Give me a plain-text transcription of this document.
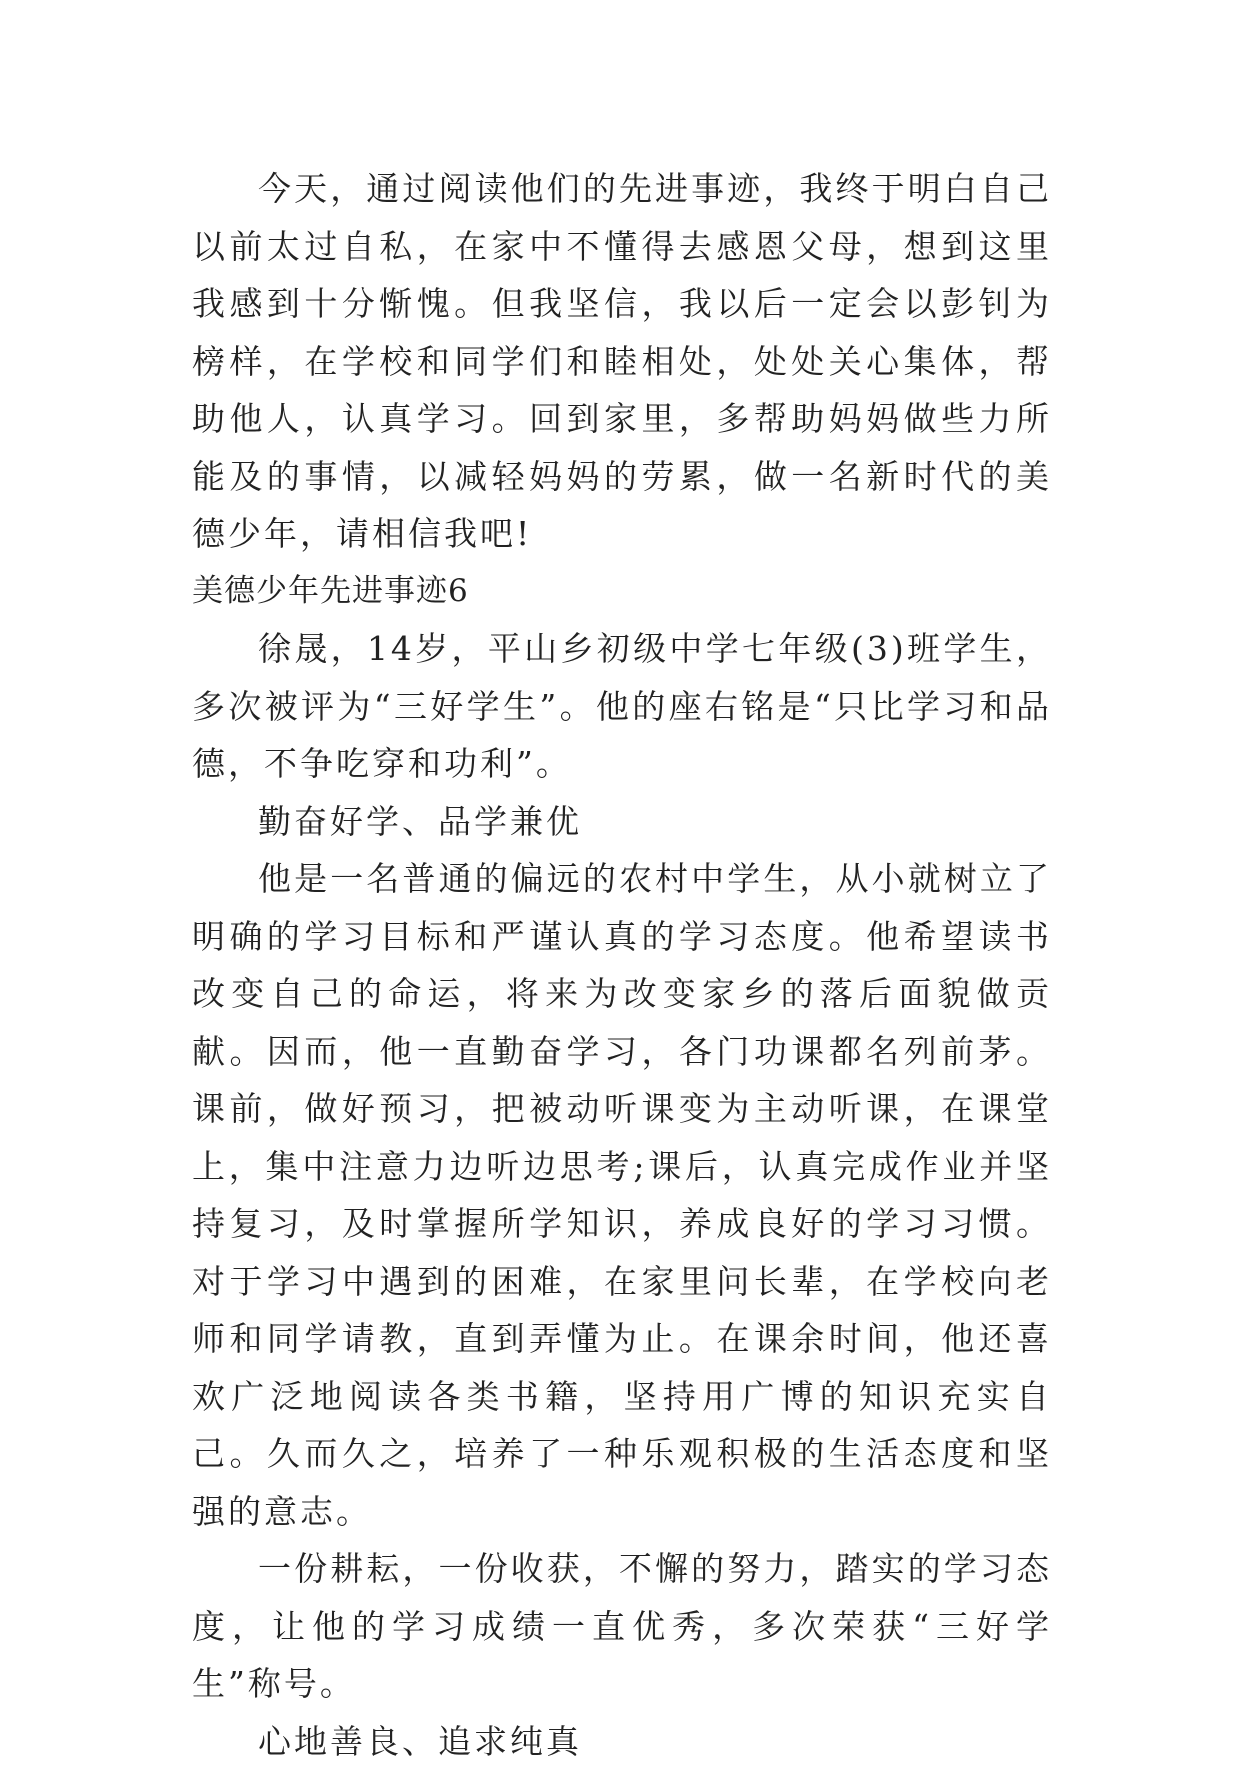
今天，通过阅读他们的先进事迹，我终于明白自己以前太过自私，在家中不懂得去感恩父母，想到这里我感到十分惭愧。但我坚信，我以后一定会以彭钊为榜样，在学校和同学们和睦相处，处处关心集体，帮助他人，认真学习。回到家里，多帮助妈妈做些力所能及的事情，以减轻妈妈的劳累，做一名新时代的美德少年，请相信我吧!

美德少年先进事迹6

徐晟，14岁，平山乡初级中学七年级(3)班学生，多次被评为“三好学生”。他的座右铭是“只比学习和品德，不争吃穿和功利”。

勤奋好学、品学兼优

他是一名普通的偏远的农村中学生，从小就树立了明确的学习目标和严谨认真的学习态度。他希望读书改变自己的命运，将来为改变家乡的落后面貌做贡献。因而，他一直勤奋学习，各门功课都名列前茅。课前，做好预习，把被动听课变为主动听课，在课堂上，集中注意力边听边思考;课后，认真完成作业并坚持复习，及时掌握所学知识，养成良好的学习习惯。对于学习中遇到的困难，在家里问长辈，在学校向老师和同学请教，直到弄懂为止。在课余时间，他还喜欢广泛地阅读各类书籍，坚持用广博的知识充实自己。久而久之，培养了一种乐观积极的生活态度和坚强的意志。

一份耕耘，一份收获，不懈的努力，踏实的学习态度，让他的学习成绩一直优秀，多次荣获“三好学生”称号。

心地善良、追求纯真
